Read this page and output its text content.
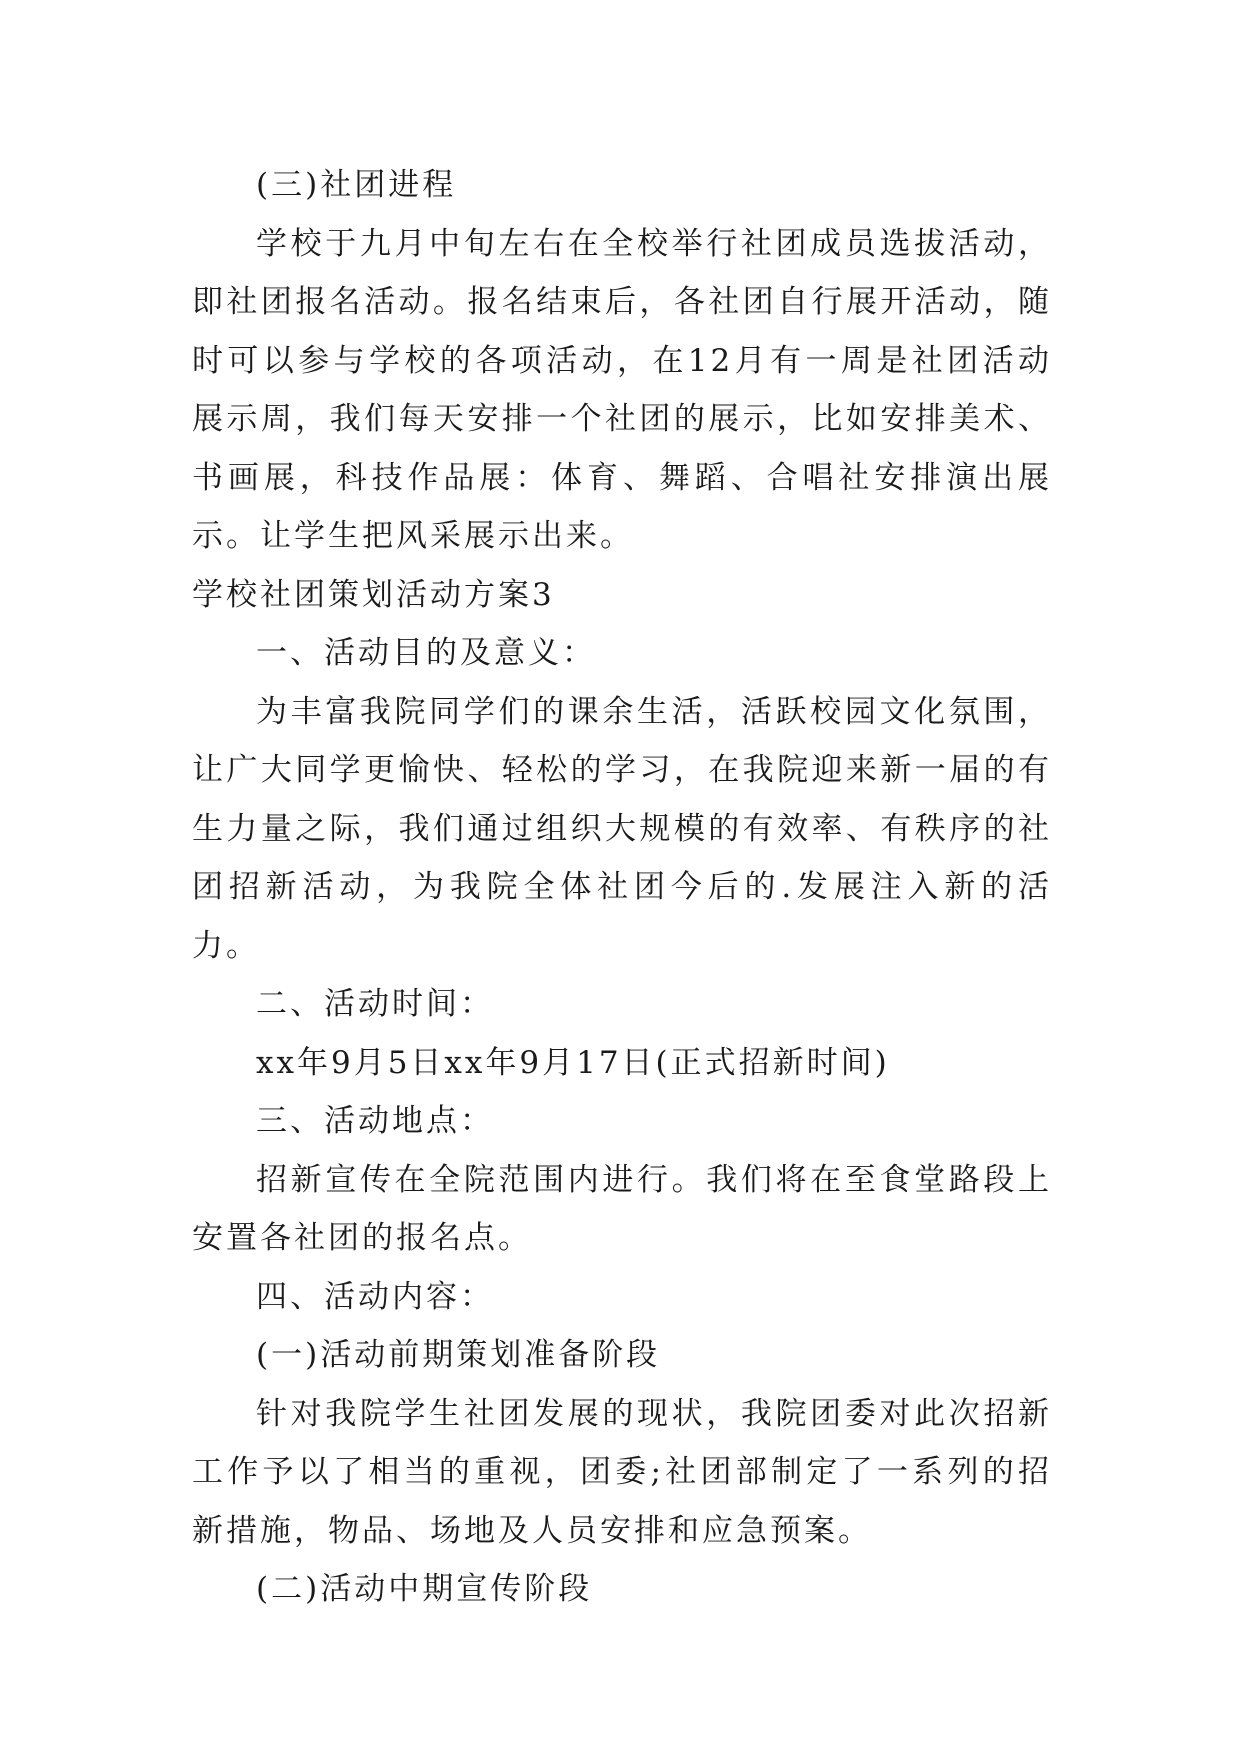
(三)社团进程

学校于九月中旬左右在全校举行社团成员选拔活动，即社团报名活动。报名结束后，各社团自行展开活动，随时可以参与学校的各项活动，在12月有一周是社团活动展示周，我们每天安排一个社团的展示，比如安排美术、书画展，科技作品展：体育、舞蹈、合唱社安排演出展示。让学生把风采展示出来。

学校社团策划活动方案3

一、活动目的及意义：

为丰富我院同学们的课余生活，活跃校园文化氛围，让广大同学更愉快、轻松的学习，在我院迎来新一届的有生力量之际，我们通过组织大规模的有效率、有秩序的社团招新活动，为我院全体社团今后的.发展注入新的活力。

二、活动时间：

xx年9月5日xx年9月17日(正式招新时间)

三、活动地点：

招新宣传在全院范围内进行。我们将在至食堂路段上安置各社团的报名点。

四、活动内容：

(一)活动前期策划准备阶段

针对我院学生社团发展的现状，我院团委对此次招新工作予以了相当的重视，团委;社团部制定了一系列的招新措施，物品、场地及人员安排和应急预案。

(二)活动中期宣传阶段
